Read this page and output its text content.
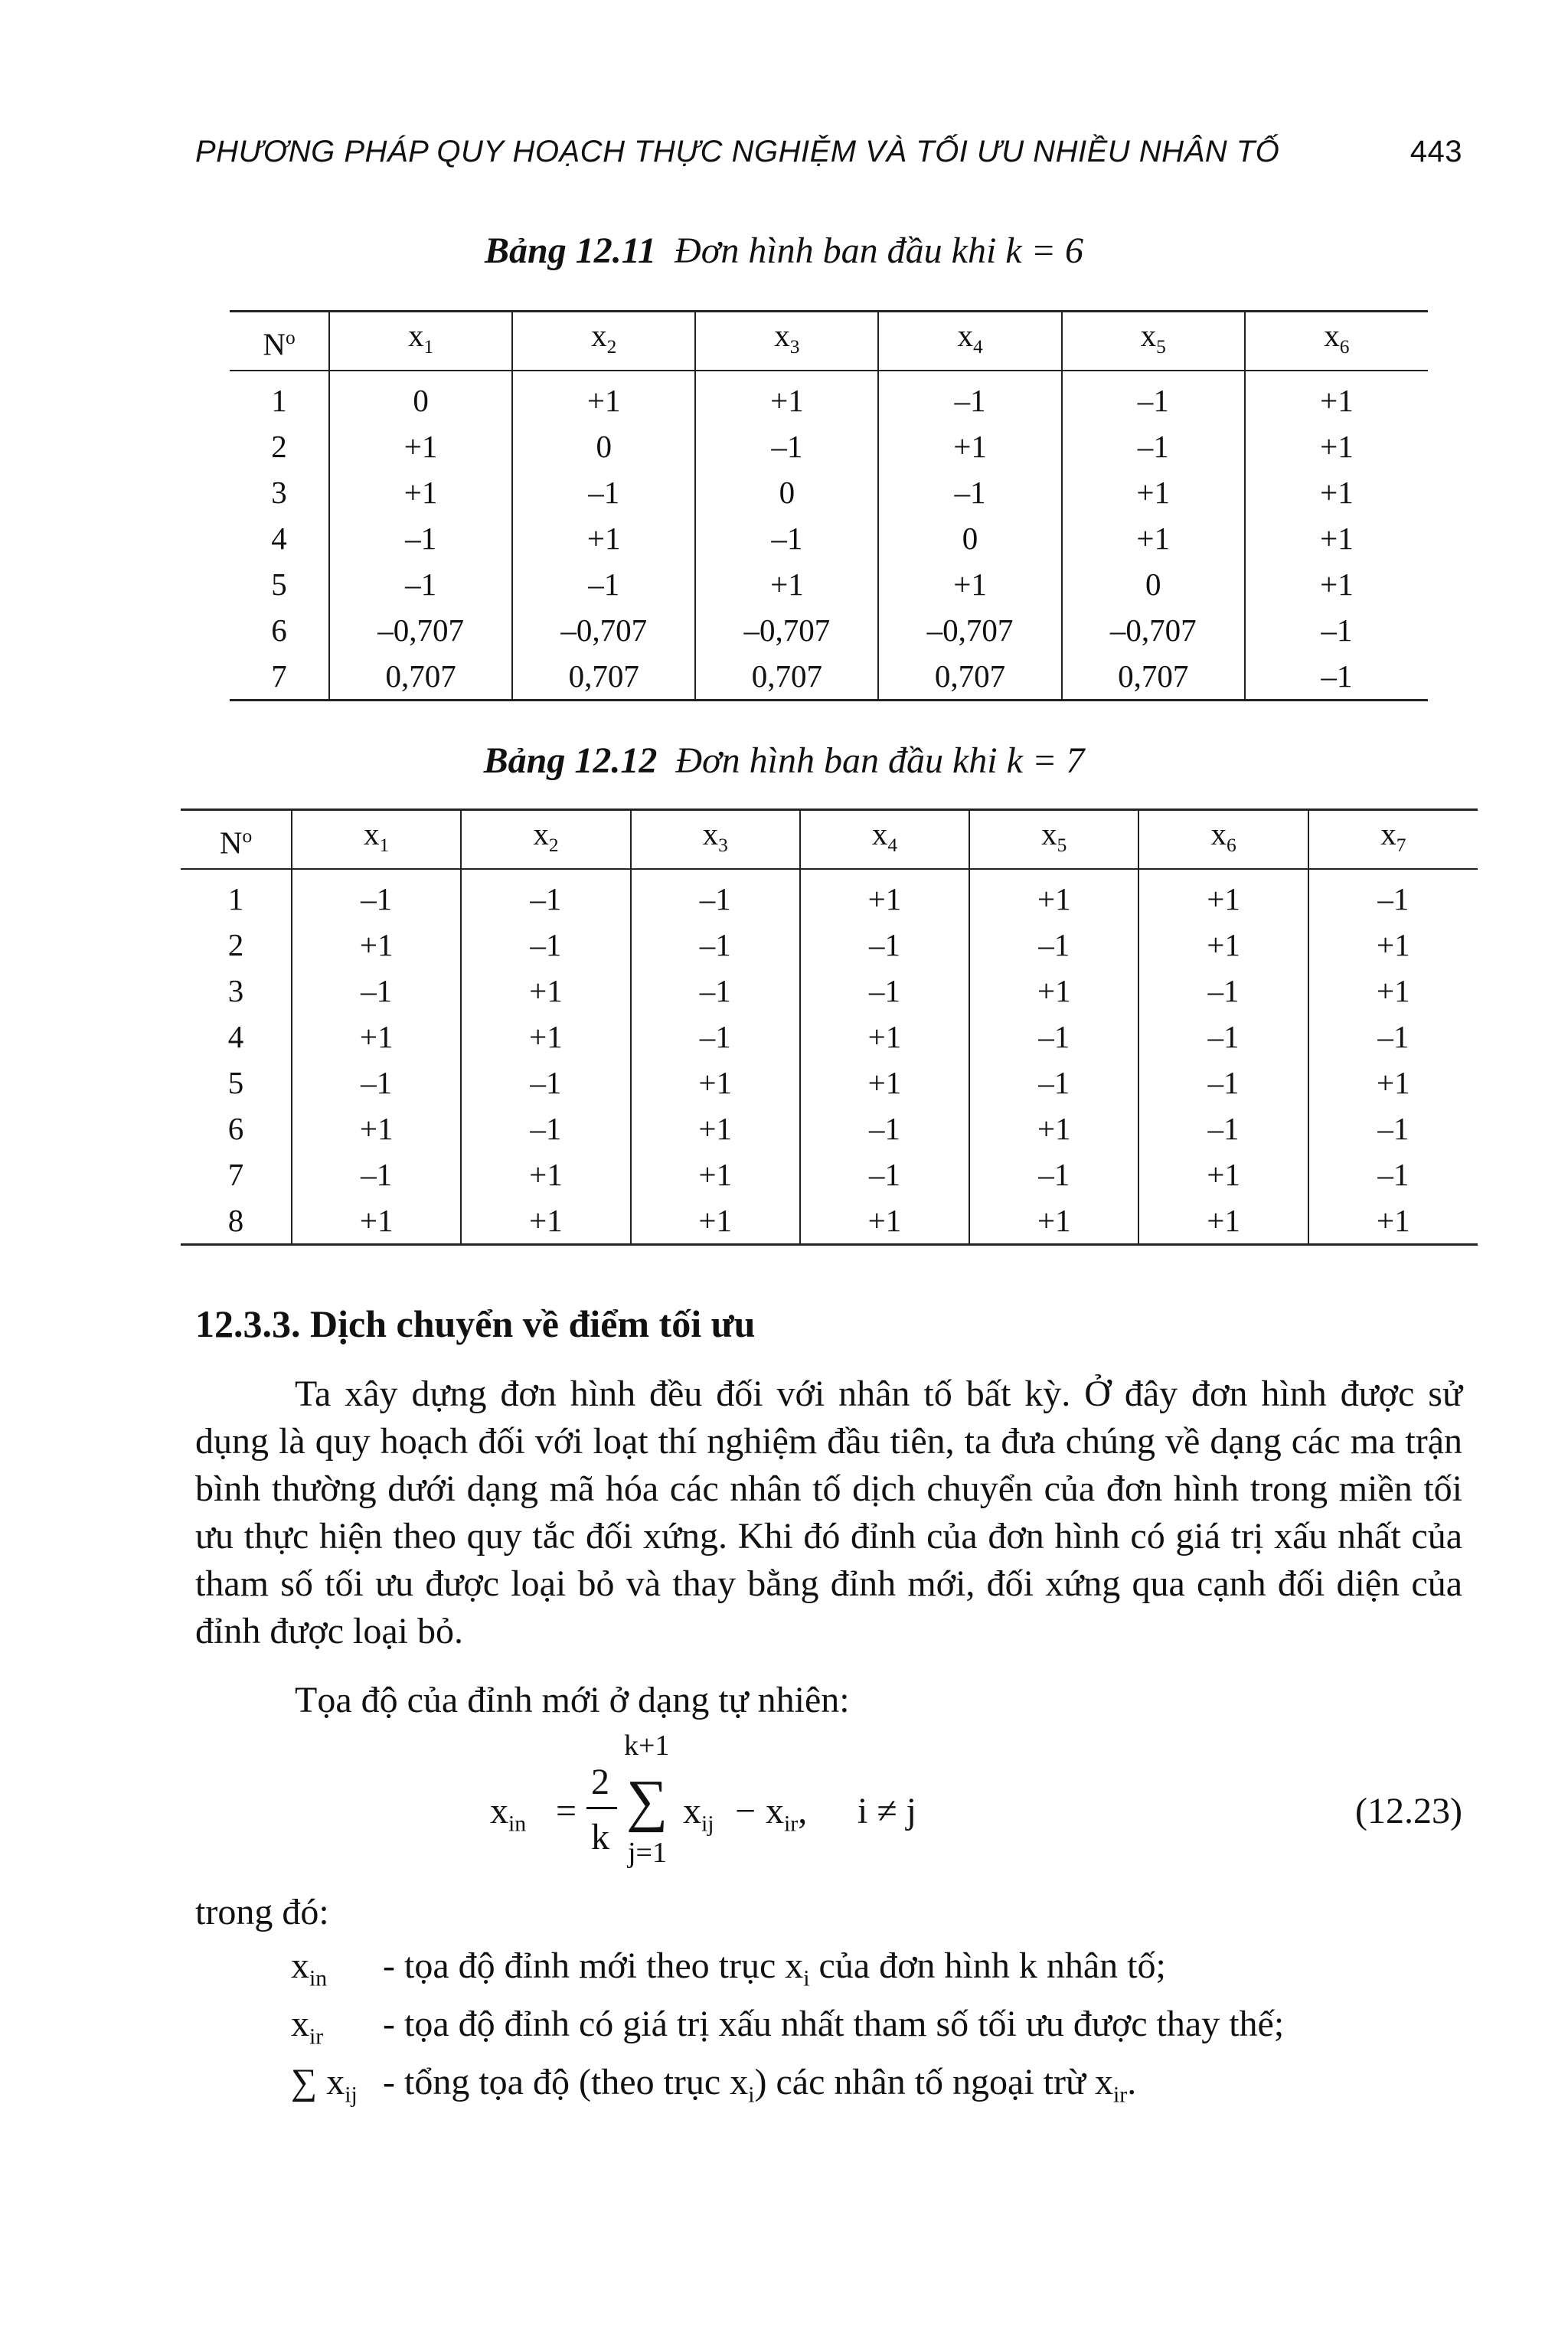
PHƯƠNG PHÁP QUY HOẠCH THỰC NGHIỆM VÀ TỐI ƯU NHIỀU NHÂN TỐ	443
Bảng 12.11 Đơn hình ban đầu khi k = 6
$N^o$	$x_1$	$x_2$	$x_3$	$x_4$	$x_5$	$x_6$
1	0	+1	+1	–1	–1	+1
2	+1	0	–1	+1	–1	+1
3	+1	–1	0	–1	+1	+1
4	–1	+1	–1	0	+1	+1
5	–1	–1	+1	+1	0	+1
6	–0,707	–0,707	–0,707	–0,707	–0,707	–1
7	0,707	0,707	0,707	0,707	0,707	–1
Bảng 12.12 Đơn hình ban đầu khi k = 7
$N^o$	$x_1$	$x_2$	$x_3$	$x_4$	$x_5$	$x_6$	$x_7$
1	–1	–1	–1	+1	+1	+1	–1
2	+1	–1	–1	–1	–1	+1	+1
3	–1	+1	–1	–1	+1	–1	+1
4	+1	+1	–1	+1	–1	–1	–1
5	–1	–1	+1	+1	–1	–1	+1
6	+1	–1	+1	–1	+1	–1	–1
7	–1	+1	+1	–1	–1	+1	–1
8	+1	+1	+1	+1	+1	+1	+1
12.3.3. Dịch chuyển về điểm tối ưu

Ta xây dựng đơn hình đều đối với nhân tố bất kỳ. Ở đây đơn hình được sử dụng là quy hoạch đối với loạt thí nghiệm đầu tiên, ta đưa chúng về dạng các ma trận bình thường dưới dạng mã hóa các nhân tố dịch chuyển của đơn hình trong miền tối ưu thực hiện theo quy tắc đối xứng. Khi đó đỉnh của đơn hình có giá trị xấu nhất của tham số tối ưu được loại bỏ và thay bằng đỉnh mới, đối xứng qua cạnh đối diện của đỉnh được loại bỏ.

Tọa độ của đỉnh mới ở dạng tự nhiên:

$x_{in}$ =
2
k
k+1
∑
j=1
$x_{ij} - x_{ir}$, i ≠ j	(12.23)
trong đó:
$x_{in}$ - tọa độ đỉnh mới theo trục $x_i$ của đơn hình k nhân tố;
$x_{ir}$ - tọa độ đỉnh có giá trị xấu nhất tham số tối ưu được thay thế;
∑ $x_{ij}$ - tổng tọa độ (theo trục $x_i$) các nhân tố ngoại trừ $x_{ir}$.
